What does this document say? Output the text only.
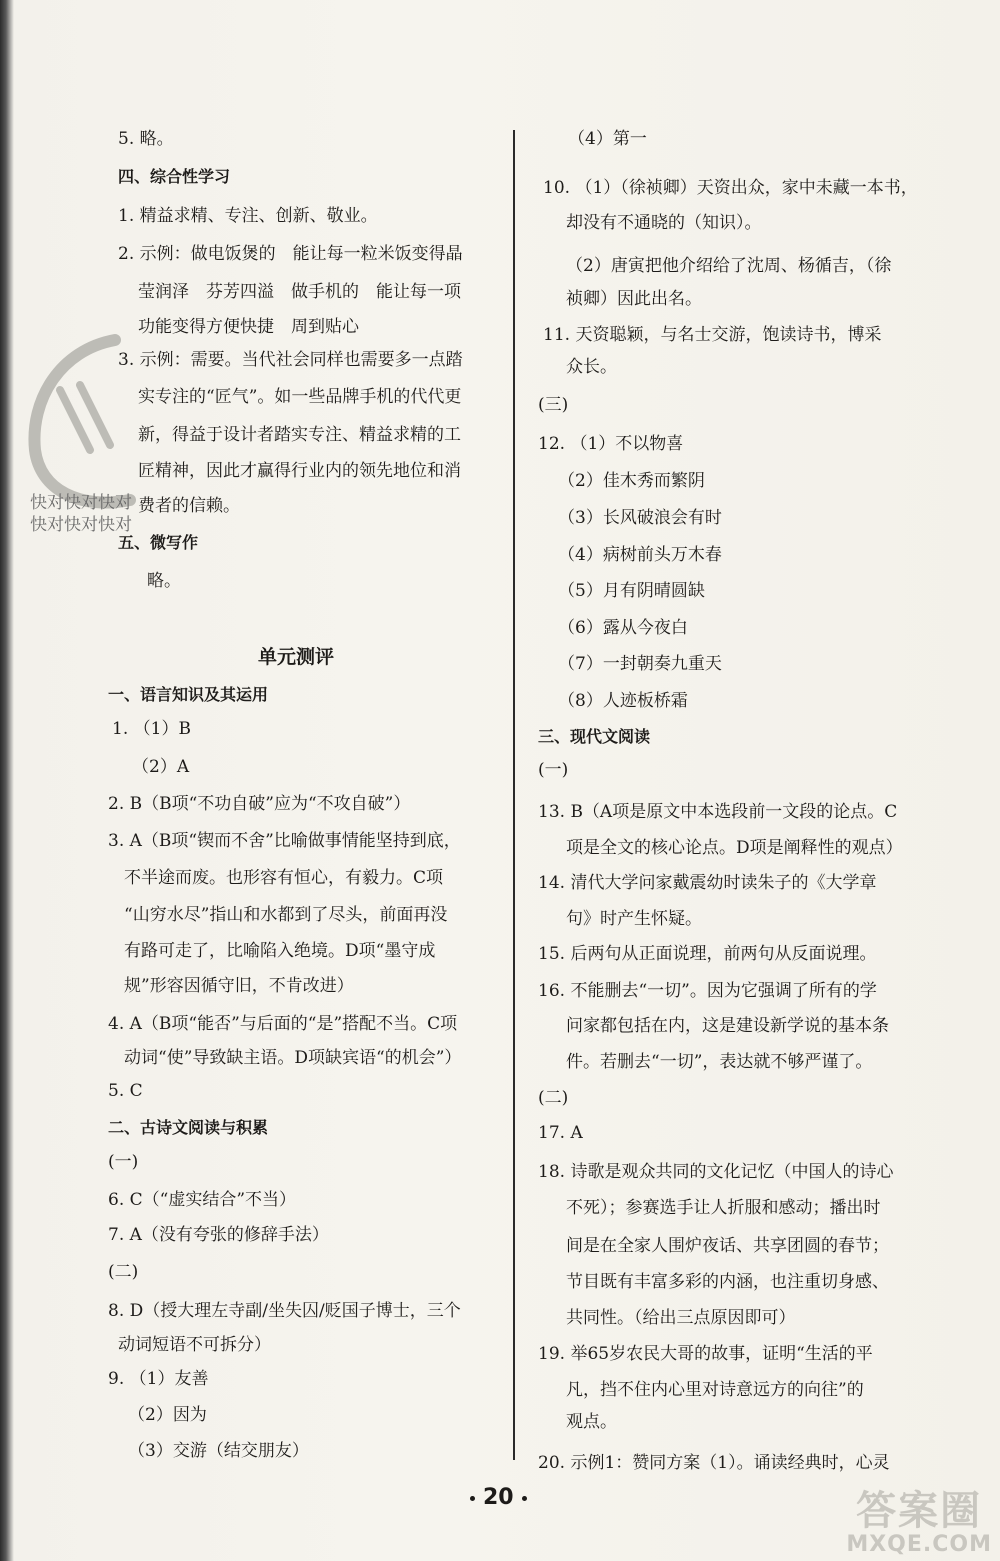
5. 略。
四、综合性学习
1. 精益求精、专注、创新、敬业。
2. 示例：做电饭煲的　能让每一粒米饭变得晶
莹润泽　芬芳四溢　做手机的　能让每一项
功能变得方便快捷　周到贴心
3. 示例：需要。当代社会同样也需要多一点踏
实专注的“匠气”。如一些品牌手机的代代更
新，得益于设计者踏实专注、精益求精的工
匠精神，因此才赢得行业内的领先地位和消
费者的信赖。
五、微写作
略。
单元测评
一、语言知识及其运用
1. （1）B
（2）A
2. B（B项“不功自破”应为“不攻自破”）
3. A（B项“锲而不舍”比喻做事情能坚持到底，
不半途而废。也形容有恒心，有毅力。C项
“山穷水尽”指山和水都到了尽头，前面再没
有路可走了，比喻陷入绝境。D项“墨守成
规”形容因循守旧，不肯改进）
4. A（B项“能否”与后面的“是”搭配不当。C项
动词“使”导致缺主语。D项缺宾语“的机会”）
5. C
二、古诗文阅读与积累
(一)
6. C（“虚实结合”不当）
7. A（没有夸张的修辞手法）
(二)
8. D（授大理左寺副/坐失囚/贬国子博士，三个
动词短语不可拆分）
9. （1）友善
（2）因为
（3）交游（结交朋友）
（4）第一
10. （1）（徐祯卿）天资出众，家中未藏一本书，
却没有不通晓的（知识）。
（2）唐寅把他介绍给了沈周、杨循吉，（徐
祯卿）因此出名。
11. 天资聪颖，与名士交游，饱读诗书，博采
众长。
(三)
12. （1）不以物喜
（2）佳木秀而繁阴
（3）长风破浪会有时
（4）病树前头万木春
（5）月有阴晴圆缺
（6）露从今夜白
（7）一封朝奏九重天
（8）人迹板桥霜
三、现代文阅读
(一)
13. B（A项是原文中本选段前一文段的论点。C
项是全文的核心论点。D项是阐释性的观点）
14. 清代大学问家戴震幼时读朱子的《大学章
句》时产生怀疑。
15. 后两句从正面说理，前两句从反面说理。
16. 不能删去“一切”。因为它强调了所有的学
问家都包括在内，这是建设新学说的基本条
件。若删去“一切”，表达就不够严谨了。
(二)
17. A
18. 诗歌是观众共同的文化记忆（中国人的诗心
不死）；参赛选手让人折服和感动；播出时
间是在全家人围炉夜话、共享团圆的春节；
节目既有丰富多彩的内涵，也注重切身感、
共同性。（给出三点原因即可）
19. 举65岁农民大哥的故事，证明“生活的平
凡，挡不住内心里对诗意远方的向往”的
观点。
20. 示例1：赞同方案（1）。诵读经典时，心灵
快对快对快对
快对快对快对
20	答案圈
MXQE.COM
